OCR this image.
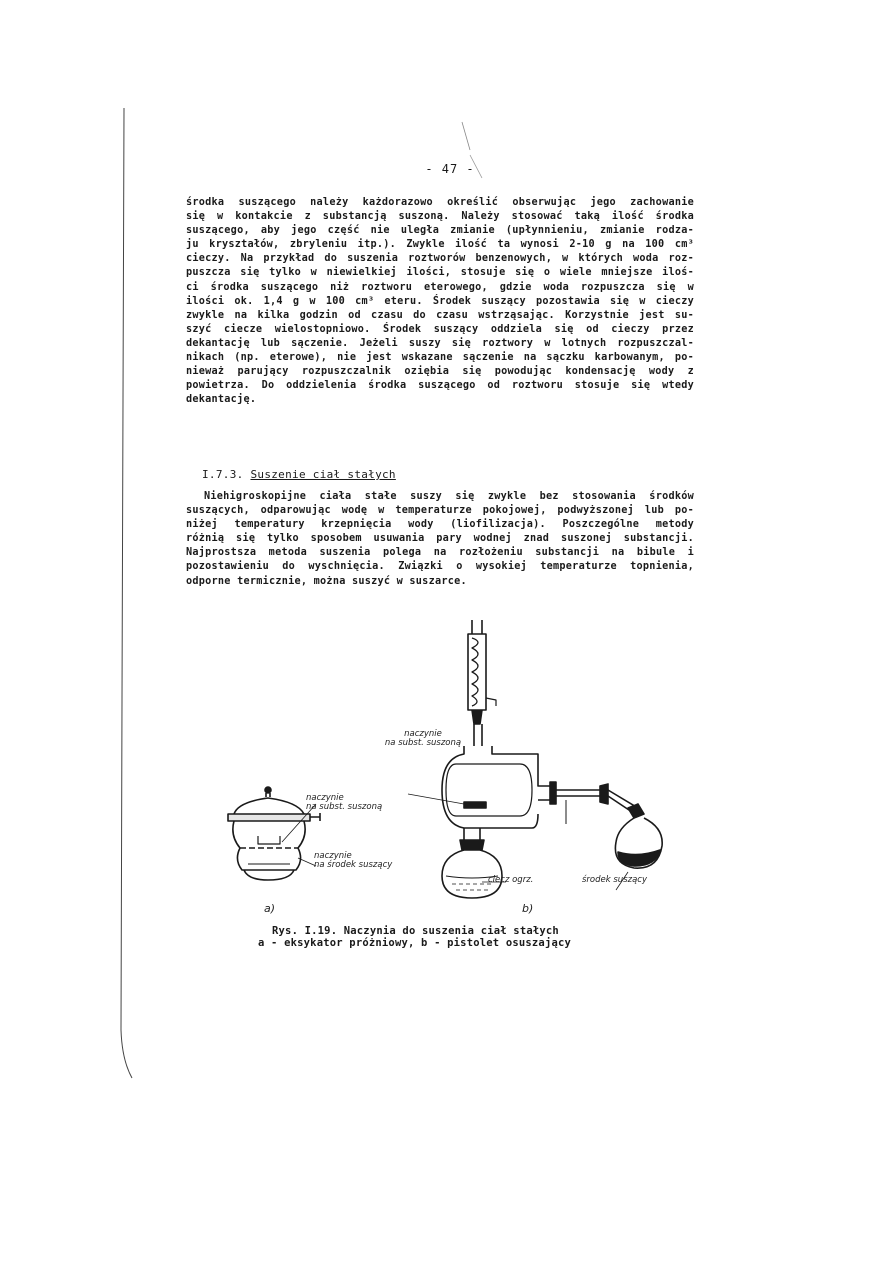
- 47 -
środka suszącego należy każdorazowo określić obserwując jego zachowanie
się w kontakcie z substancją suszoną. Należy stosować taką ilość środka
suszącego, aby jego część nie uległa zmianie (upłynnieniu, zmianie rodza-
ju kryształów, zbryleniu itp.). Zwykle ilość ta wynosi 2-10 g na 100 cm³
cieczy. Na przykład do suszenia roztworów benzenowych, w których woda roz-
puszcza się tylko w niewielkiej ilości, stosuje się o wiele mniejsze iloś-
ci środka suszącego niż roztworu eterowego, gdzie woda rozpuszcza się w
ilości ok. 1,4 g w 100 cm³ eteru. Środek suszący pozostawia się w cieczy
zwykle na kilka godzin od czasu do czasu wstrząsając. Korzystnie jest su-
szyć ciecze wielostopniowo. Środek suszący oddziela się od cieczy przez
dekantację lub sączenie. Jeżeli suszy się roztwory w lotnych rozpuszczal-
nikach (np. eterowe), nie jest wskazane sączenie na sączku karbowanym, po-
nieważ parujący rozpuszczalnik oziębia się powodując kondensację wody z
powietrza. Do oddzielenia środka suszącego od roztworu stosuje się wtedy
dekantację.
I.7.3. Suszenie ciał stałych
Niehigroskopijne ciała stałe suszy się zwykle bez stosowania środków
suszących, odparowując wodę w temperaturze pokojowej, podwyższonej lub po-
niżej temperatury krzepnięcia wody (liofilizacja). Poszczególne metody
różnią się tylko sposobem usuwania pary wodnej znad suszonej substancji.
Najprostsza metoda suszenia polega na rozłożeniu substancji na bibule i
pozostawieniu do wyschnięcia. Związki o wysokiej temperaturze topnienia,
odporne termicznie, można suszyć w suszarce.
naczynie
na subst. suszoną
naczynie
na subst. suszoną
naczynie
na środek suszący
ciecz ogrz.	środek suszący
a)	b)
Rys. I.19. Naczynia do suszenia ciał stałych
a - eksykator próżniowy, b - pistolet osuszający
